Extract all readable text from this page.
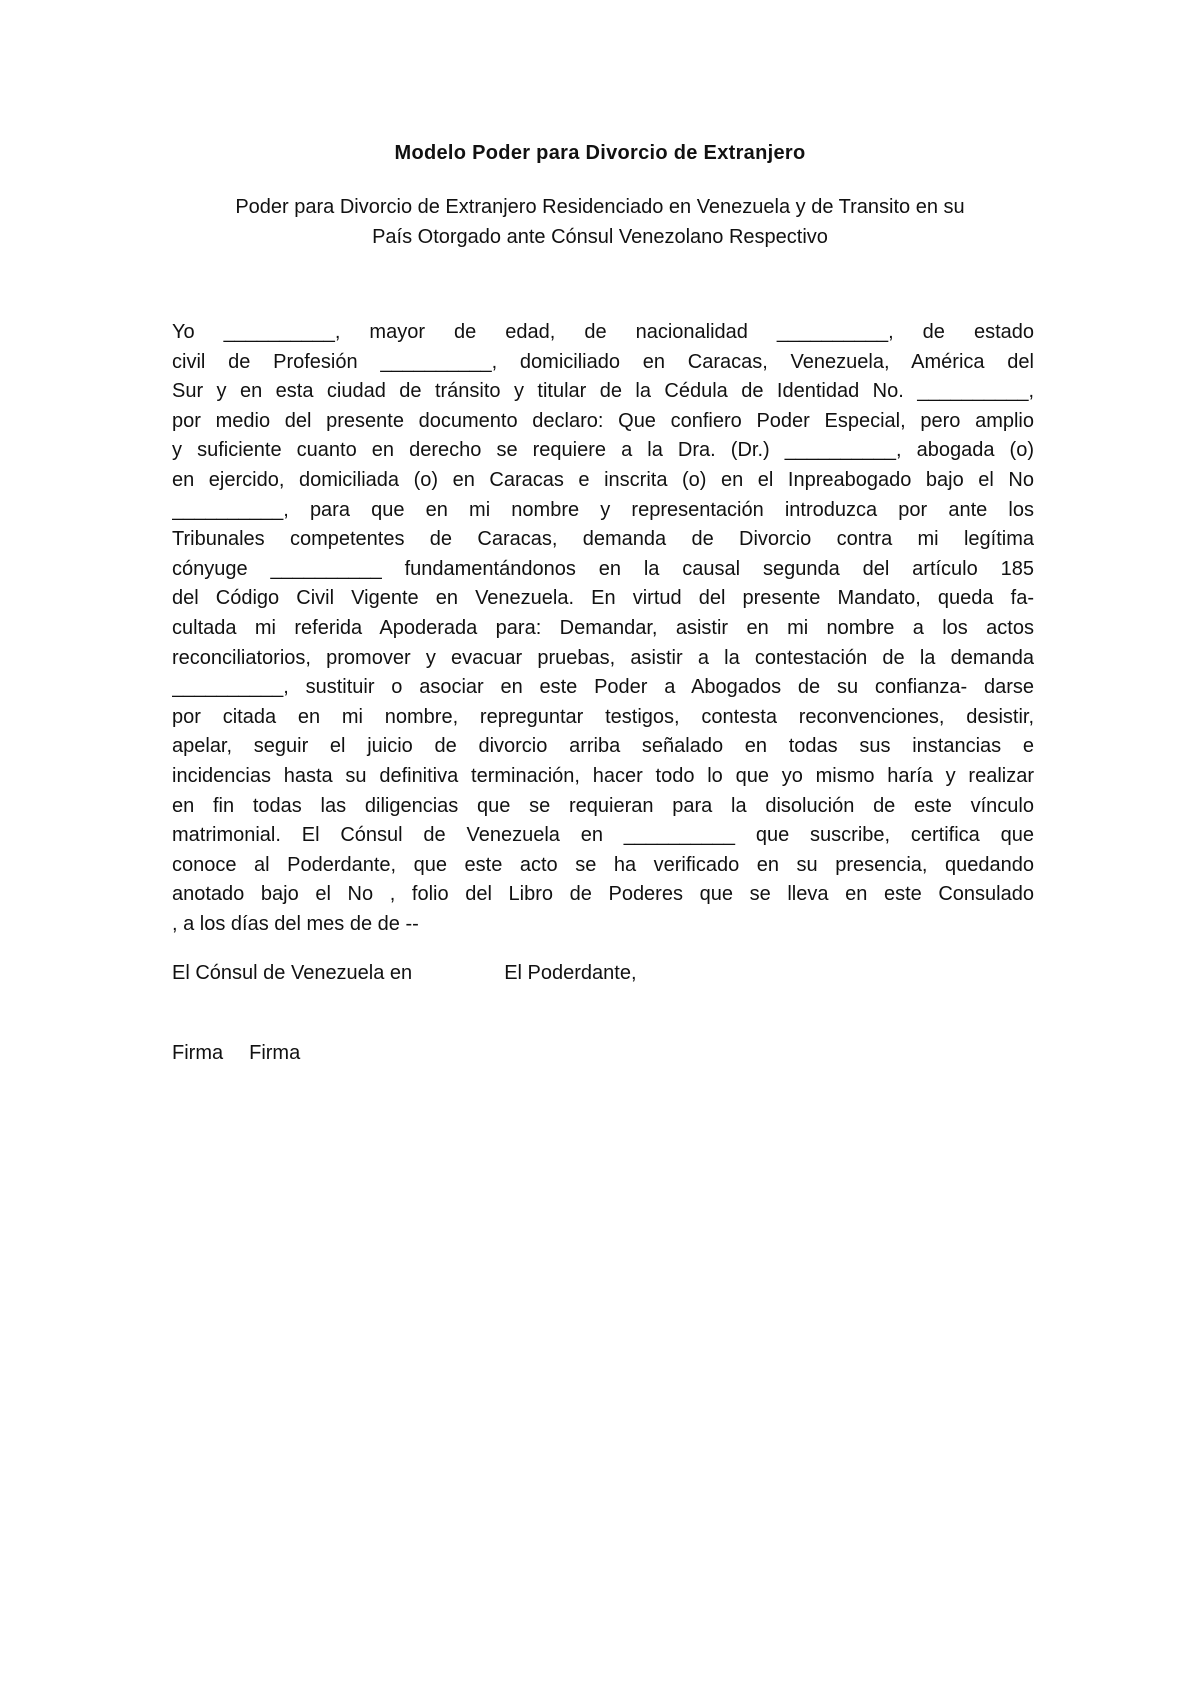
Modelo Poder para Divorcio de Extranjero
Poder para Divorcio de Extranjero Residenciado en Venezuela y de Transito en su
País Otorgado ante Cónsul Venezolano Respectivo
Yo __________, mayor de edad, de nacionalidad __________, de estado
civil de Profesión __________, domiciliado en Caracas, Venezuela, América del
Sur y en esta ciudad de tránsito y titular de la Cédula de Identidad No. __________,
por medio del presente documento declaro: Que confiero Poder Especial, pero amplio
y suficiente cuanto en derecho se requiere a la Dra. (Dr.) __________, abogada (o)
en ejercido, domiciliada (o) en Caracas e inscrita (o) en el Inpreabogado bajo el No
__________, para que en mi nombre y representación introduzca por ante los
Tribunales competentes de Caracas, demanda de Divorcio contra mi legítima
cónyuge __________ fundamentándonos en la causal segunda del artículo 185
del Código Civil Vigente en Venezuela. En virtud del presente Mandato, queda fa-
cultada mi referida Apoderada para: Demandar, asistir en mi nombre a los actos
reconciliatorios, promover y evacuar pruebas, asistir a la contestación de la demanda
__________, sustituir o asociar en este Poder a Abogados de su confianza- darse
por citada en mi nombre, repreguntar testigos, contesta reconvenciones, desistir,
apelar, seguir el juicio de divorcio arriba señalado en todas sus instancias e
incidencias hasta su definitiva terminación, hacer todo lo que yo mismo haría y realizar
en fin todas las diligencias que se requieran para la disolución de este vínculo
matrimonial. El Cónsul de Venezuela en __________ que suscribe, certifica que
conoce al Poderdante, que este acto se ha verificado en su presencia, quedando
anotado bajo el No , folio del Libro de Poderes que se lleva en este Consulado
, a los días del mes de de --
El Cónsul de Venezuela en	El Poderdante,
Firma Firma
